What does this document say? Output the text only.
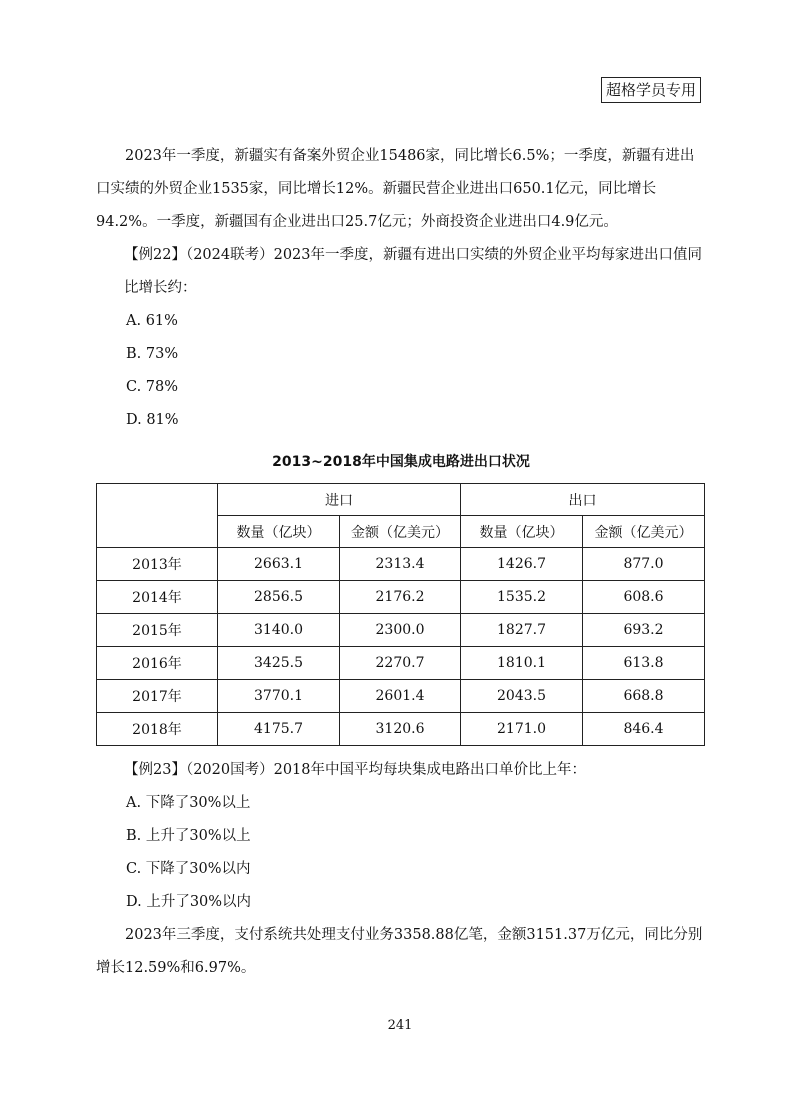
超格学员专用

2023年一季度，新疆实有备案外贸企业15486家，同比增长6.5%；一季度，新疆有进出口实绩的外贸企业1535家，同比增长12%。新疆民营企业进出口650.1亿元，同比增长94.2%。一季度，新疆国有企业进出口25.7亿元；外商投资企业进出口4.9亿元。

【例22】（2024联考）2023年一季度，新疆有进出口实绩的外贸企业平均每家进出口值同比增长约：

A. 61%

B. 73%

C. 78%

D. 81%

2013~2018年中国集成电路进出口状况
	进口		出口	
	数量（亿块）	金额（亿美元）	数量（亿块）	金额（亿美元）
2013年	2663.1	2313.4	1426.7	877.0
2014年	2856.5	2176.2	1535.2	608.6
2015年	3140.0	2300.0	1827.7	693.2
2016年	3425.5	2270.7	1810.1	613.8
2017年	3770.1	2601.4	2043.5	668.8
2018年	4175.7	3120.6	2171.0	846.4

【例23】（2020国考）2018年中国平均每块集成电路出口单价比上年：

A. 下降了30%以上

B. 上升了30%以上

C. 下降了30%以内

D. 上升了30%以内

2023年三季度，支付系统共处理支付业务3358.88亿笔，金额3151.37万亿元，同比分别增长12.59%和6.97%。

241
